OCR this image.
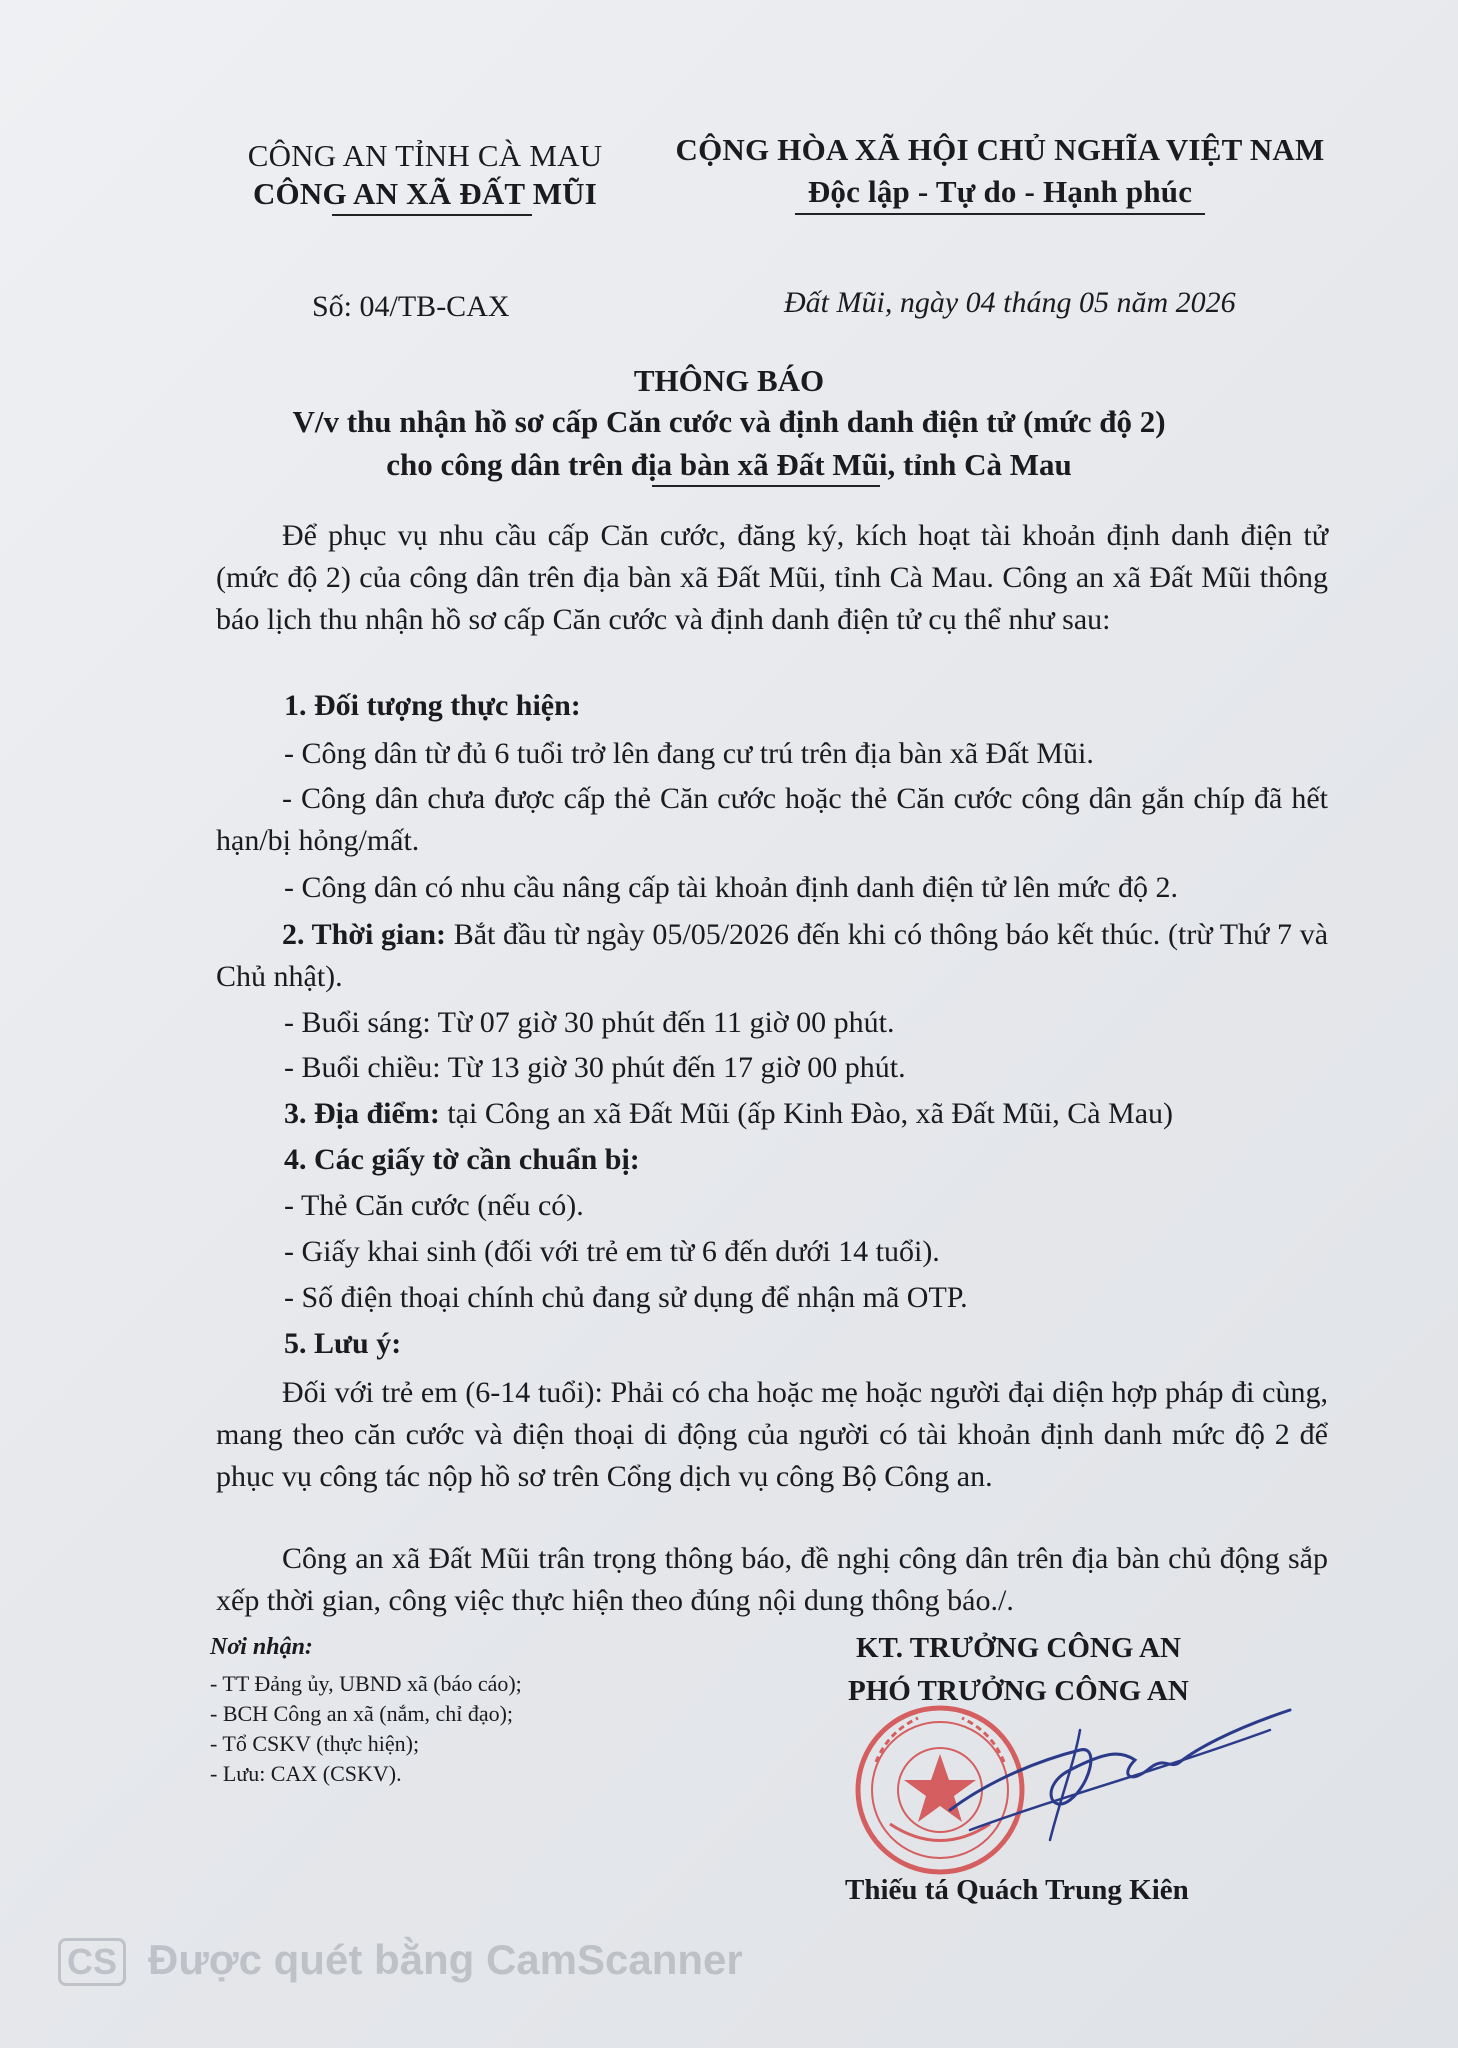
CÔNG AN TỈNH CÀ MAU
CÔNG AN XÃ ĐẤT MŨI
CỘNG HÒA XÃ HỘI CHỦ NGHĨA VIỆT NAM
Độc lập - Tự do - Hạnh phúc
Số: 04/TB-CAX	Đất Mũi, ngày 04 tháng 05 năm 2026
THÔNG BÁO
V/v thu nhận hồ sơ cấp Căn cước và định danh điện tử (mức độ 2)
cho công dân trên địa bàn xã Đất Mũi, tỉnh Cà Mau
Để phục vụ nhu cầu cấp Căn cước, đăng ký, kích hoạt tài khoản định danh điện tử (mức độ 2) của công dân trên địa bàn xã Đất Mũi, tỉnh Cà Mau. Công an xã Đất Mũi thông báo lịch thu nhận hồ sơ cấp Căn cước và định danh điện tử cụ thể như sau:
1. Đối tượng thực hiện:
- Công dân từ đủ 6 tuổi trở lên đang cư trú trên địa bàn xã Đất Mũi.
- Công dân chưa được cấp thẻ Căn cước hoặc thẻ Căn cước công dân gắn chíp đã hết hạn/bị hỏng/mất.
- Công dân có nhu cầu nâng cấp tài khoản định danh điện tử lên mức độ 2.
2. Thời gian: Bắt đầu từ ngày 05/05/2026 đến khi có thông báo kết thúc. (trừ Thứ 7 và Chủ nhật).
- Buổi sáng: Từ 07 giờ 30 phút đến 11 giờ 00 phút.
- Buổi chiều: Từ 13 giờ 30 phút đến 17 giờ 00 phút.
3. Địa điểm: tại Công an xã Đất Mũi (ấp Kinh Đào, xã Đất Mũi, Cà Mau)
4. Các giấy tờ cần chuẩn bị:
- Thẻ Căn cước (nếu có).
- Giấy khai sinh (đối với trẻ em từ 6 đến dưới 14 tuổi).
- Số điện thoại chính chủ đang sử dụng để nhận mã OTP.
5. Lưu ý:
Đối với trẻ em (6-14 tuổi): Phải có cha hoặc mẹ hoặc người đại diện hợp pháp đi cùng, mang theo căn cước và điện thoại di động của người có tài khoản định danh mức độ 2 để phục vụ công tác nộp hồ sơ trên Cổng dịch vụ công Bộ Công an.
Công an xã Đất Mũi trân trọng thông báo, đề nghị công dân trên địa bàn chủ động sắp xếp thời gian, công việc thực hiện theo đúng nội dung thông báo./.
Nơi nhận:
- TT Đảng ủy, UBND xã (báo cáo);
- BCH Công an xã (nắm, chỉ đạo);
- Tổ CSKV (thực hiện);
- Lưu: CAX (CSKV).
KT. TRƯỞNG CÔNG AN
PHÓ TRƯỞNG CÔNG AN
Thiếu tá Quách Trung Kiên
CS Được quét bằng CamScanner
